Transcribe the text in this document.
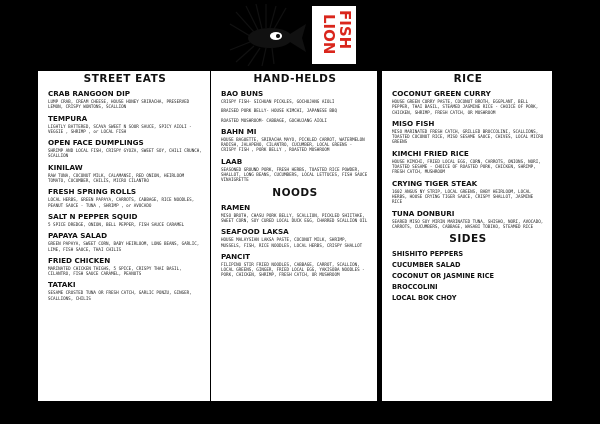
LION
FISH
STREET EATS
CRAB RANGOON DIP
LUMP CRAB, CREAM CHEESE, HOUSE HONEY SRIRACHA, PRESERVED LEMON, CRISPY WONTONS, SCALLION
TEMPURA
LIGHTLY BATTERED, SCAVA SWEET N SOUR SAUCE, SPICY AIOLI - VEGGIE , SHRIMP , or LOCAL FISH
OPEN FACE DUMPLINGS
SHRIMP AND LOCAL FISH, CRISPY GYOZA, SWEET SOY, CHILI CRUNCH, SCALLION
KINILAW
RAW TUNA, COCONUT MILK, CALAMANSI, RED ONION, HEIRLOOM TOMATO, CUCUMBER, CHILIS, MICRO CILANTRO
FRESH SPRING ROLLS
LOCAL HERBS, GREEN PAPAYA, CARROTS, CABBAGE, RICE NOODLES, PEANUT SAUCE - TUNA , SHRIMP , or AVOCADO
SALT N PEPPER SQUID
5 SPICE DREDGE, ONION, BELL PEPPER, FISH SAUCE CARAMEL
PAPAYA SALAD
GREEN PAPAYA, SWEET CORN, BABY HEIRLOOM, LONG BEANS, GARLIC, LIME, FISH SAUCE, THAI CHILIS
FRIED CHICKEN
MARINATED CHICKEN THIGHS, 5 SPICE, CRISPY THAI BASIL, CILANTRO, FISH SAUCE CARAMEL, PEANUTS
TATAKI
SESAME CRUSTED TUNA OR FRESH CATCH, GARLIC PONZU, GINGER, SCALLIONS, CHILIS
HAND-HELDS
BAO BUNS
CRISPY FISH- SICHUAN PICKLES, GOCHUJANG AIOLI
BRAISED PORK BELLY- HOUSE KIMCHI, JAPANESE BBQ
ROASTED MUSHROOM- CABBAGE, GOCHUJANG AIOLI
BAHN MI
HOUSE BAGUETTE, SRIRACHA MAYO, PICKLED CARROT, WATERMELON RADISH, JALAPENO, CILANTRO, CUCUMBER, LOCAL GREENS - CRISPY FISH , PORK BELLY , ROASTED MUSHROOM
LAAB
SEASONED GROUND PORK, FRESH HERBS, TOASTED RICE POWDER, SHALLOT, LONG BEANS, CUCUMBERS, LOCAL LETTUCES, FISH SAUCE VINAIGRETTE
NOODS
RAMEN
MISO BROTH, CHASU PORK BELLY, SCALLION, PICKLED SHIITAKE, SWEET CORN, SOY CURED LOCAL DUCK EGG, CHARRED SCALLION OIL
SEAFOOD LAKSA
HOUSE MALAYSIAN LAKSA PASTE, COCONUT MILK, SHRIMP, MUSSELS, FISH, RICE NOODLES, LOCAL HERBS, CRISPY SHALLOT
PANCIT
FILIPINO STIR FRIED NOODLES, CABBAGE, CARROT, SCALLION, LOCAL GREENS, GINGER, FRIED LOCAL EGG, YAKISOBA NOODLES - PORK, CHICKEN, SHRIMP, FRESH CATCH, OR MUSHROOM
RICE
COCONUT GREEN CURRY
HOUSE GREEN CURRY PASTE, COCONUT BROTH, EGGPLANT, BELL PEPPER, THAI BASIL, STEAMED JASMINE RICE - CHOICE OF PORK, CHICKEN, SHRIMP, FRESH CATCH, OR MUSHROOM
MISO FISH
MISO MARINATED FRESH CATCH, GRILLED BROCCOLINI, SCALLIONS, TOASTED COCONUT RICE, MISO SESAME SAUCE, CHIVES, LOCAL MICRO GREENS
KIMCHI FRIED RICE
HOUSE KIMCHI, FRIED LOCAL EGG, CORN, CARROTS, ONIONS, NORI, TOASTED SESAME - CHOICE OF ROASTED PORK, CHICKEN, SHRIMP, FRESH CATCH, MUSHROOM
CRYING TIGER STEAK
1602 ANGUS NY STRIP, LOCAL GREENS, BABY HEIRLOOM, LOCAL HERBS, HOUSE CRYING TIGER SAUCE, CRISPY SHALLOT, JASMINE RICE
TUNA DONBURI
SEARED MISO SOY MIRIN MARINATED TUNA, SHISHO, NORI, AVOCADO, CARROTS, CUCUMBERS, CABBAGE, WASABI TOBIKO, STEAMED RICE
SIDES
SHISHITO PEPPERS
CUCUMBER SALAD
COCONUT OR JASMINE RICE
BROCCOLINI
LOCAL BOK CHOY
